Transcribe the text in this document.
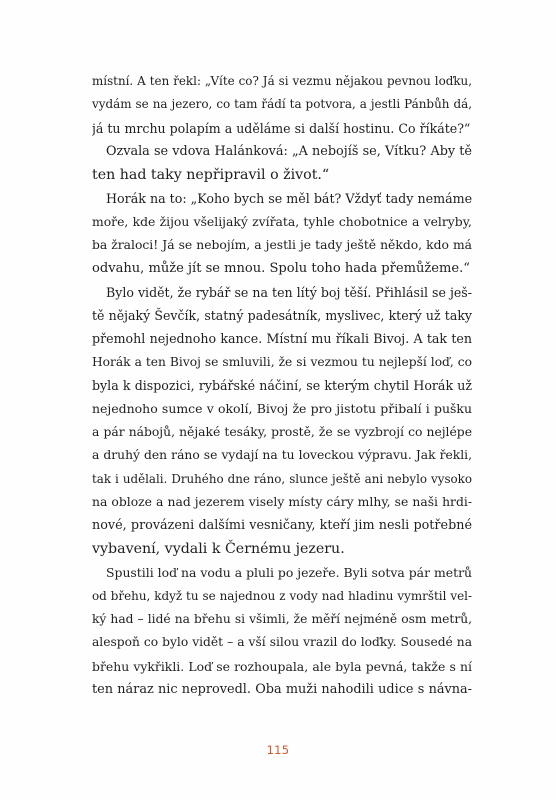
místní. A ten řekl: „Víte co? Já si vezmu nějakou pevnou loďku,
vydám se na jezero, co tam řádí ta potvora, a jestli Pánbůh dá,
já tu mrchu polapím a uděláme si další hostinu. Co říkáte?“
Ozvala se vdova Halánková: „A nebojíš se, Vítku? Aby tě
ten had taky nepřipravil o život.“
Horák na to: „Koho bych se měl bát? Vždyť tady nemáme
moře, kde žijou všelijaký zvířata, tyhle chobotnice a velryby,
ba žraloci! Já se nebojím, a jestli je tady ještě někdo, kdo má
odvahu, může jít se mnou. Spolu toho hada přemůžeme.“
Bylo vidět, že rybář se na ten lítý boj těší. Přihlásil se ješ-
tě nějaký Ševčík, statný padesátník, myslivec, který už taky
přemohl nejednoho kance. Místní mu říkali Bivoj. A tak ten
Horák a ten Bivoj se smluvili, že si vezmou tu nejlepší loď, co
byla k dispozici, rybářské náčiní, se kterým chytil Horák už
nejednoho sumce v okolí, Bivoj že pro jistotu přibalí i pušku
a pár nábojů, nějaké tesáky, prostě, že se vyzbrojí co nejlépe
a druhý den ráno se vydají na tu loveckou výpravu. Jak řekli,
tak i udělali. Druhého dne ráno, slunce ještě ani nebylo vysoko
na obloze a nad jezerem visely místy cáry mlhy, se naši hrdi-
nové, provázeni dalšími vesničany, kteří jim nesli potřebné
vybavení, vydali k Černému jezeru.
Spustili loď na vodu a pluli po jezeře. Byli sotva pár metrů
od břehu, když tu se najednou z vody nad hladinu vymrštil vel-
ký had – lidé na břehu si všimli, že měří nejméně osm metrů,
alespoň co bylo vidět – a vší silou vrazil do loďky. Sousedé na
břehu vykřikli. Loď se rozhoupala, ale byla pevná, takže s ní
ten náraz nic neprovedl. Oba muži nahodili udice s návna-
115
